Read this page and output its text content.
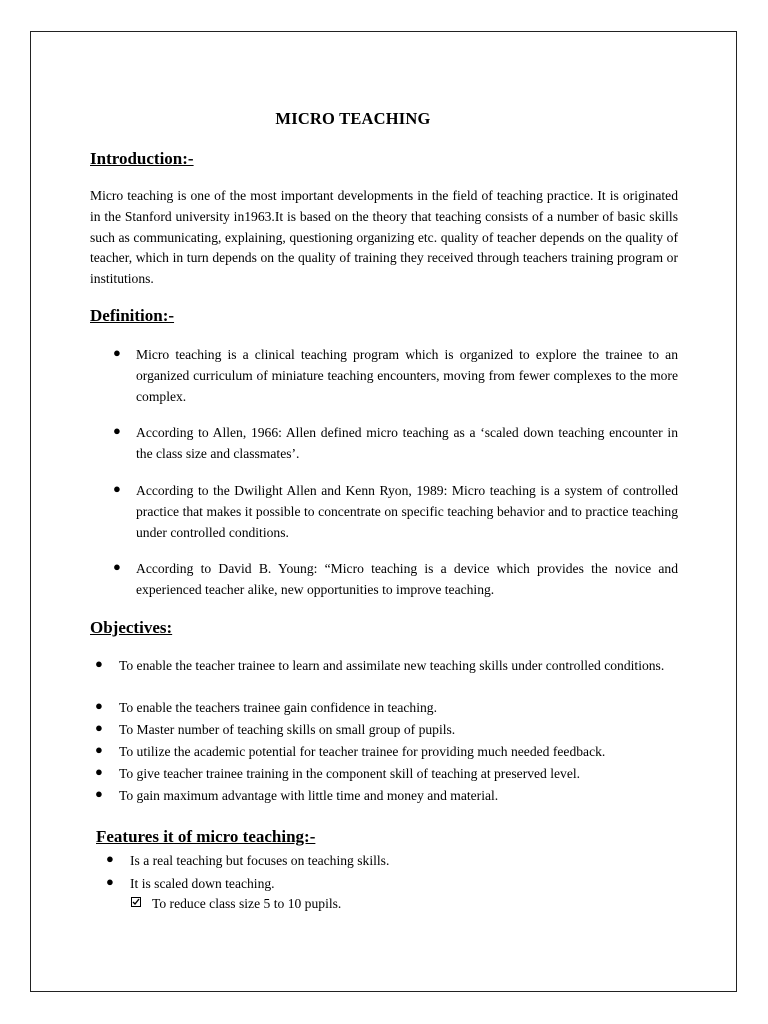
MICRO TEACHING
Introduction:-
Micro teaching is one of the most important developments in the field of teaching practice. It is originated in the Stanford university in1963.It is based on the theory that teaching consists of a number of basic skills such as communicating, explaining, questioning organizing etc. quality of teacher depends on the quality of teacher, which in turn depends on the quality of training they received through teachers training program or institutions.
Definition:-
● Micro teaching is a clinical teaching program which is organized to explore the trainee to an organized curriculum of miniature teaching encounters, moving from fewer complexes to the more complex.
● According to Allen, 1966: Allen defined micro teaching as a ‘scaled down teaching encounter in the class size and classmates’.
● According to the Dwilight Allen and Kenn Ryon, 1989: Micro teaching is a system of controlled practice that makes it possible to concentrate on specific teaching behavior and to practice teaching under controlled conditions.
● According to David B. Young: “Micro teaching is a device which provides the novice and experienced teacher alike, new opportunities to improve teaching.
Objectives:
● To enable the teacher trainee to learn and assimilate new teaching skills under controlled conditions.
● To enable the teachers trainee gain confidence in teaching.
● To Master number of teaching skills on small group of pupils.
● To utilize the academic potential for teacher trainee for providing much needed feedback.
● To give teacher trainee training in the component skill of teaching at preserved level.
● To gain maximum advantage with little time and money and material.
Features it of micro teaching:-
● Is a real teaching but focuses on teaching skills.
● It is scaled down teaching.
To reduce class size 5 to 10 pupils.
